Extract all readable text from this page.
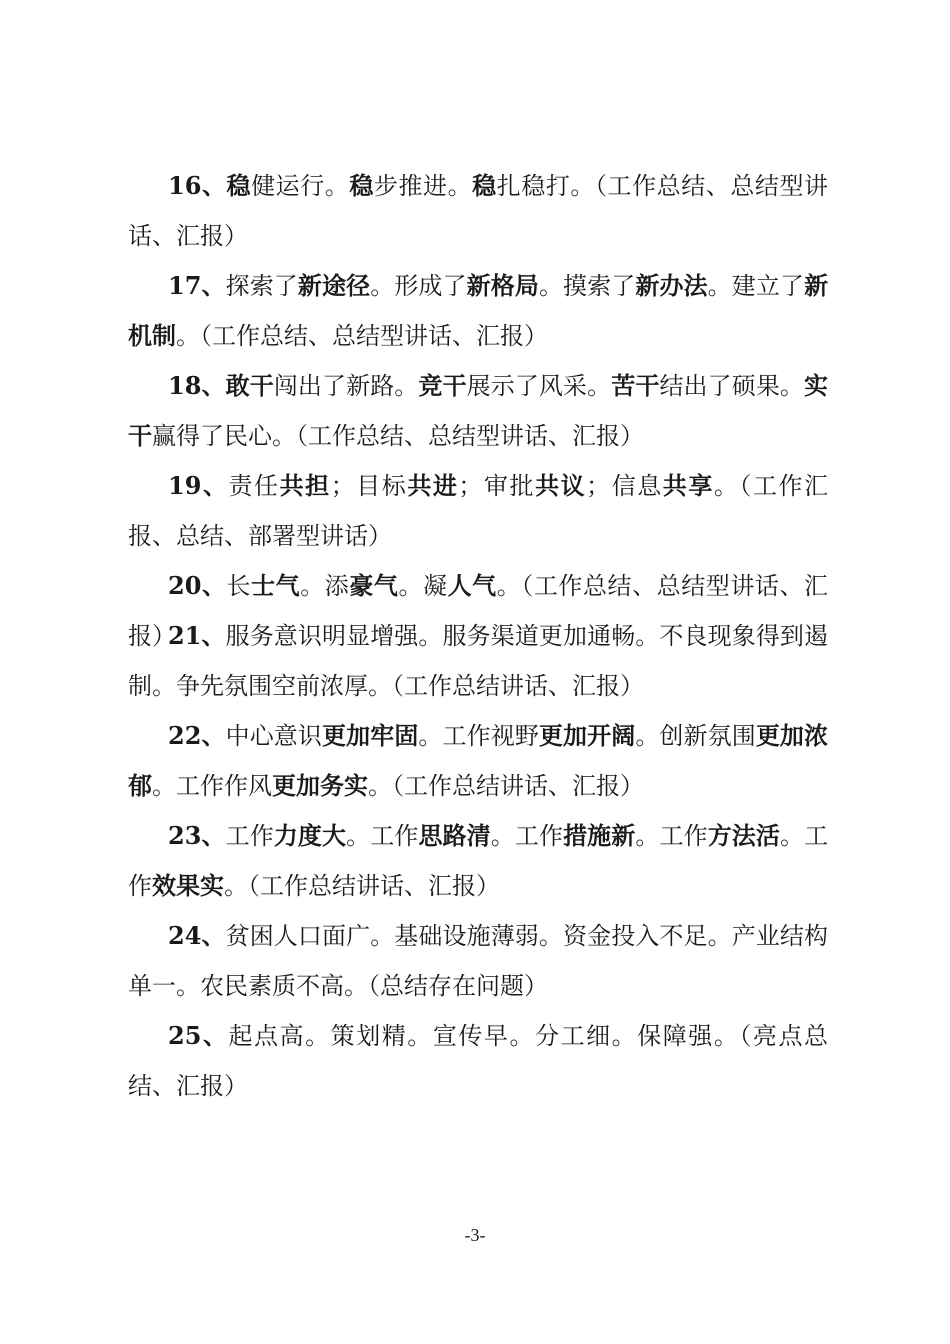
16、稳健运行。稳步推进。稳扎稳打。（工作总结、总结型讲话、汇报）

17、探索了新途径。形成了新格局。摸索了新办法。建立了新机制。（工作总结、总结型讲话、汇报）

18、敢干闯出了新路。竞干展示了风采。苦干结出了硕果。实干赢得了民心。（工作总结、总结型讲话、汇报）

19、责任共担；目标共进；审批共议；信息共享。（工作汇报、总结、部署型讲话）

20、长士气。添豪气。凝人气。（工作总结、总结型讲话、汇报）

21、服务意识明显增强。服务渠道更加通畅。不良现象得到遏制。争先氛围空前浓厚。（工作总结讲话、汇报）

22、中心意识更加牢固。工作视野更加开阔。创新氛围更加浓郁。工作作风更加务实。（工作总结讲话、汇报）

23、工作力度大。工作思路清。工作措施新。工作方法活。工作效果实。（工作总结讲话、汇报）

24、贫困人口面广。基础设施薄弱。资金投入不足。产业结构单一。农民素质不高。（总结存在问题）

25、起点高。策划精。宣传早。分工细。保障强。（亮点总结、汇报）

-3-
